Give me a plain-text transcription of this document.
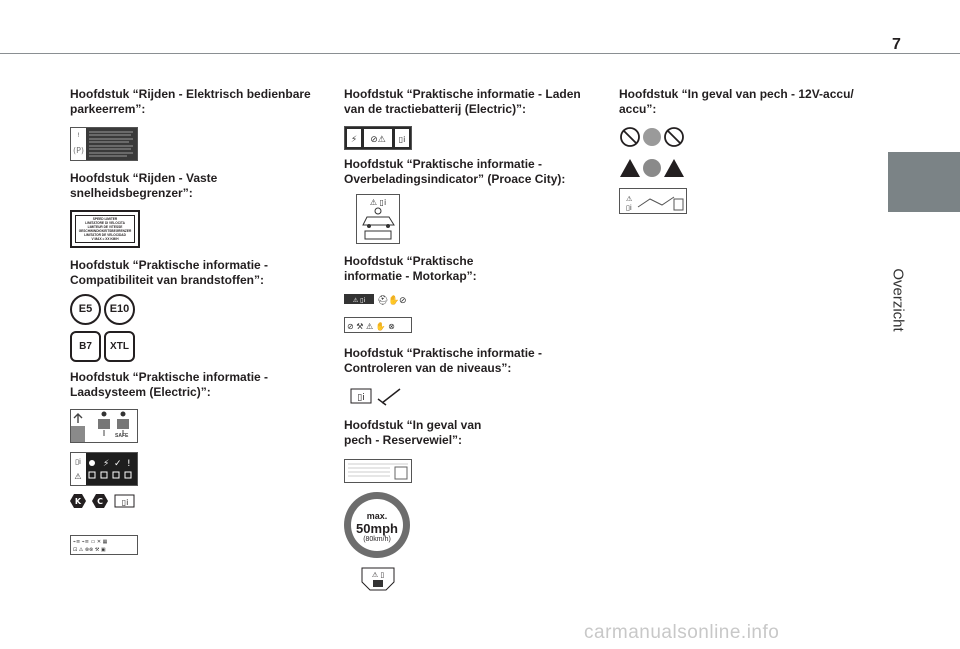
7
Overzicht

Hoofdstuk “Rijden - Elektrisch bedienbare
parkeerrem”:

!
(P)

Hoofdstuk “Rijden - Vaste
snelheidsbegrenzer”:

SPEED LIMITER
LIMITATORE DI VELOCITA
LIMITEUR DE VITESSE
GESCHWINDIGKEITSBEGRENZER
LIMITATOR DE VELOCIDAD
V MAX = XX KM/H

Hoofdstuk “Praktische informatie -
Compatibiliteit van brandstoffen”:

E5	E10
B7	XTL

Hoofdstuk “Praktische informatie -
Laadsysteem (Electric)”:

SAFE
▯i
⚠
⚡ ✓ !
K C ▯i
⌁≡ ⌁≡ ▭ ✕ ▦
⊡ ⚠ ⊗⊗ ⚒ ▣

Hoofdstuk “Praktische informatie - Laden
van de tractiebatterij (Electric)”:

⚡ ⊘⚠ ▯i

Hoofdstuk “Praktische informatie -
Overbeladingsindicator” (Proace City):

⚠ ▯i

Hoofdstuk “Praktische
informatie - Motorkap”:

⚠ ▯i ⛑ ✋ ⊘
⊘ ⚒ ⚠ ✋ ⊗

Hoofdstuk “Praktische informatie -
Controleren van de niveaus”:

▯i

Hoofdstuk “In geval van
pech - Reservewiel”:

max.
50mph
(80km/h)
⚠ ▯

Hoofdstuk “In geval van pech - 12V-accu/
accu”:

⚠
▯i
carmanualsonline.info
